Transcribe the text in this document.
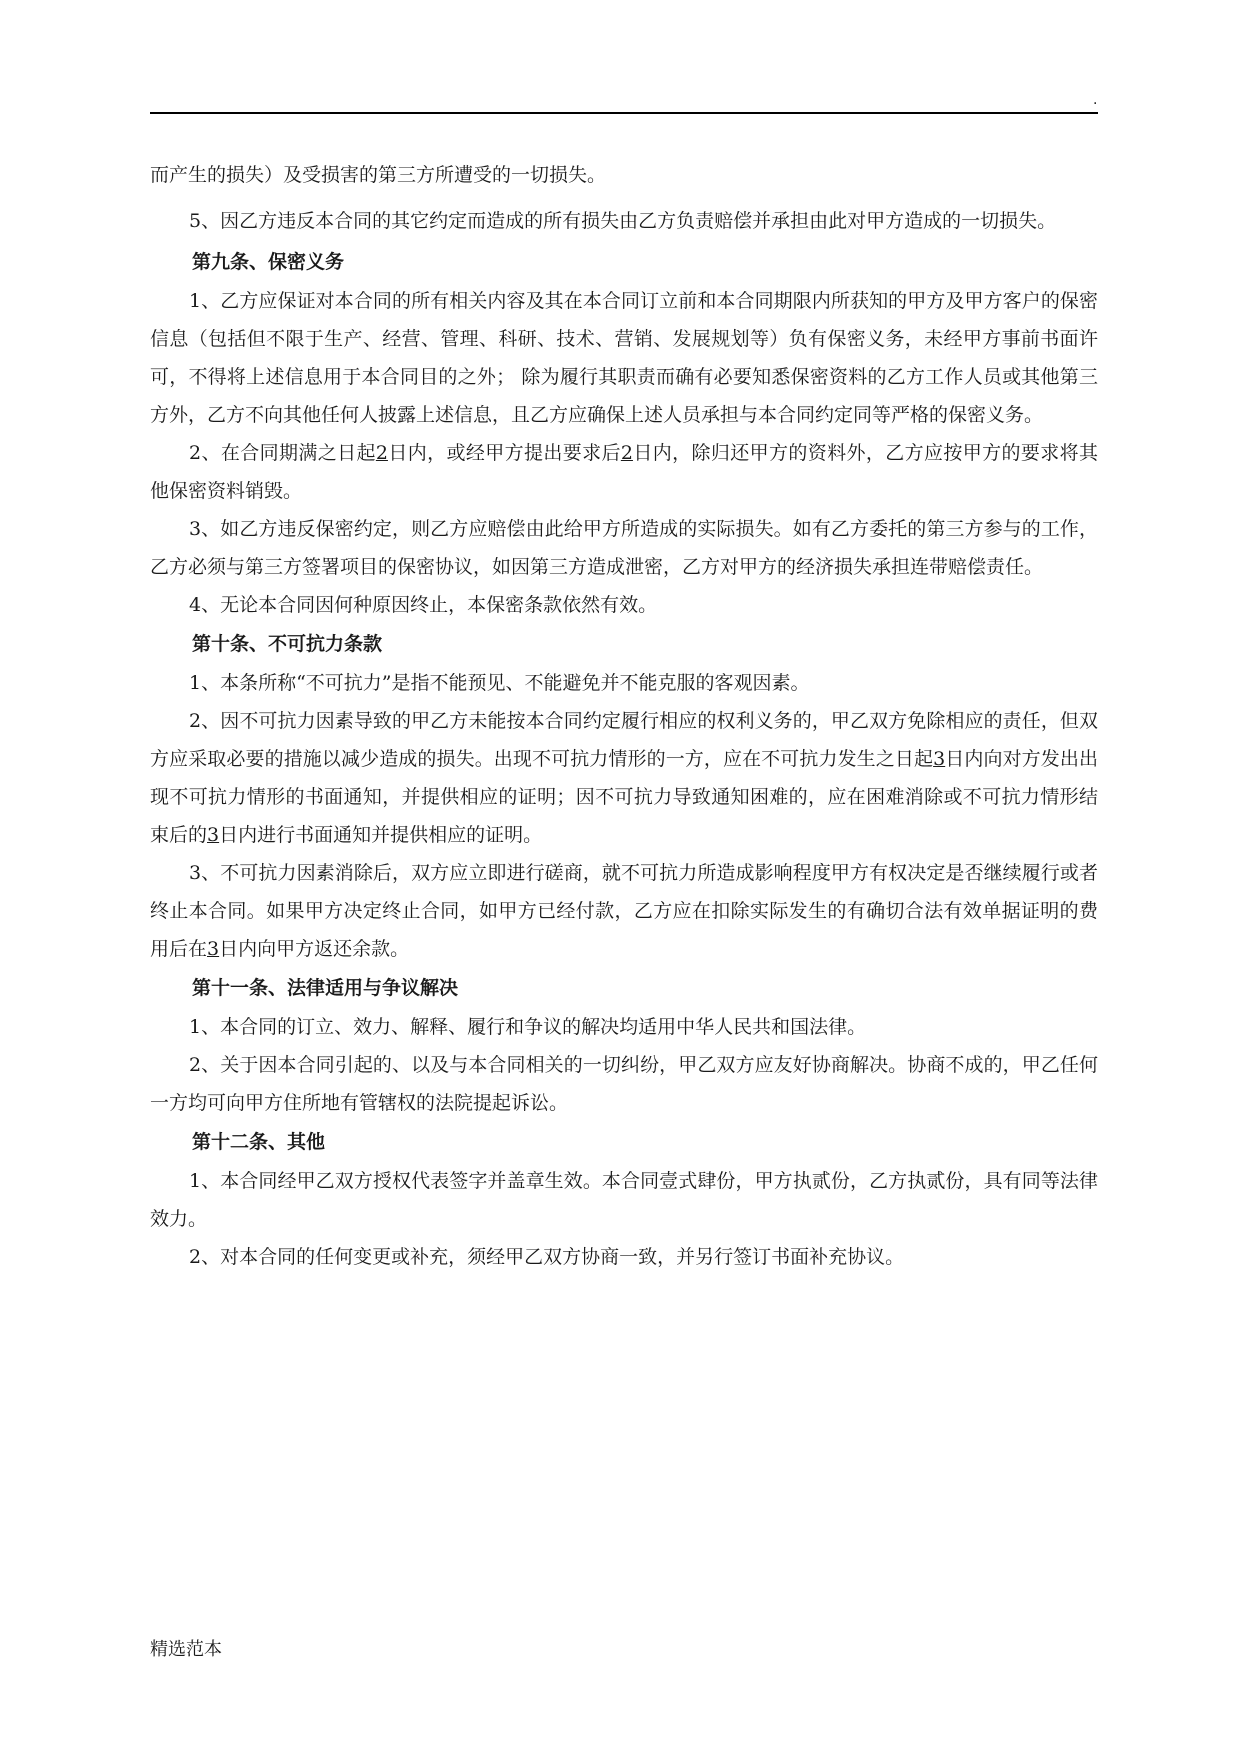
.

而产生的损失）及受损害的第三方所遭受的一切损失。

5、因乙方违反本合同的其它约定而造成的所有损失由乙方负责赔偿并承担由此对甲方造成的一切损失。

第九条、保密义务

1、乙方应保证对本合同的所有相关内容及其在本合同订立前和本合同期限内所获知的甲方及甲方客户的保密信息（包括但不限于生产、经营、管理、科研、技术、营销、发展规划等）负有保密义务，未经甲方事前书面许可，不得将上述信息用于本合同目的之外； 除为履行其职责而确有必要知悉保密资料的乙方工作人员或其他第三方外，乙方不向其他任何人披露上述信息，且乙方应确保上述人员承担与本合同约定同等严格的保密义务。

2、在合同期满之日起2日内，或经甲方提出要求后2日内，除归还甲方的资料外，乙方应按甲方的要求将其他保密资料销毁。

3、如乙方违反保密约定，则乙方应赔偿由此给甲方所造成的实际损失。如有乙方委托的第三方参与的工作，乙方必须与第三方签署项目的保密协议，如因第三方造成泄密，乙方对甲方的经济损失承担连带赔偿责任。

4、无论本合同因何种原因终止，本保密条款依然有效。

第十条、不可抗力条款

1、本条所称“不可抗力”是指不能预见、不能避免并不能克服的客观因素。

2、因不可抗力因素导致的甲乙方未能按本合同约定履行相应的权利义务的，甲乙双方免除相应的责任，但双方应采取必要的措施以减少造成的损失。出现不可抗力情形的一方，应在不可抗力发生之日起3日内向对方发出出现不可抗力情形的书面通知，并提供相应的证明；因不可抗力导致通知困难的，应在困难消除或不可抗力情形结束后的3日内进行书面通知并提供相应的证明。

3、不可抗力因素消除后，双方应立即进行磋商，就不可抗力所造成影响程度甲方有权决定是否继续履行或者终止本合同。如果甲方决定终止合同，如甲方已经付款，乙方应在扣除实际发生的有确切合法有效单据证明的费用后在3日内向甲方返还余款。

第十一条、法律适用与争议解决

1、本合同的订立、效力、解释、履行和争议的解决均适用中华人民共和国法律。

2、关于因本合同引起的、以及与本合同相关的一切纠纷，甲乙双方应友好协商解决。协商不成的，甲乙任何一方均可向甲方住所地有管辖权的法院提起诉讼。

第十二条、其他

1、本合同经甲乙双方授权代表签字并盖章生效。本合同壹式肆份，甲方执贰份，乙方执贰份，具有同等法律效力。

2、对本合同的任何变更或补充，须经甲乙双方协商一致，并另行签订书面补充协议。

精选范本
